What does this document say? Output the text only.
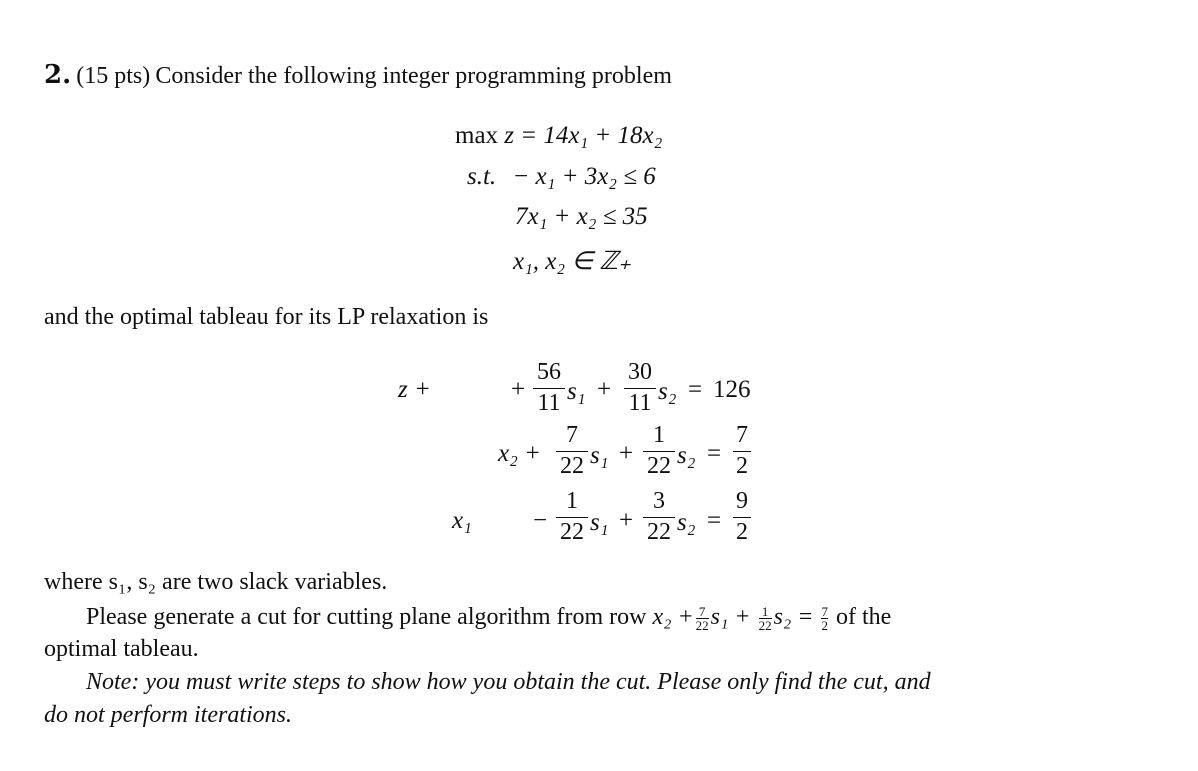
2. (15 pts) Consider the following integer programming problem
max z = 14x₁ + 18x₂
s.t. − x₁ + 3x₂ ≤ 6
7x₁ + x₂ ≤ 35
x₁, x₂ ∈ ℤ₊
and the optimal tableau for its LP relaxation is
z +	+
56
11 s₁ +
30
11 s₂ = 126
x₂ +
7
22 s₁ +
1
22 s₂ =
7
2
x₁ −
1
22 s₁ +
3
22 s₂ =
9
2
where s₁, s₂ are two slack variables.
Please generate a cut for cutting plane algorithm from row $x_2 + \frac{7}{22} s_1 + \frac{1}{22} s_2 = \frac{7}{2}$ of the
optimal tableau.
Note: you must write steps to show how you obtain the cut. Please only find the cut, and
do not perform iterations.
